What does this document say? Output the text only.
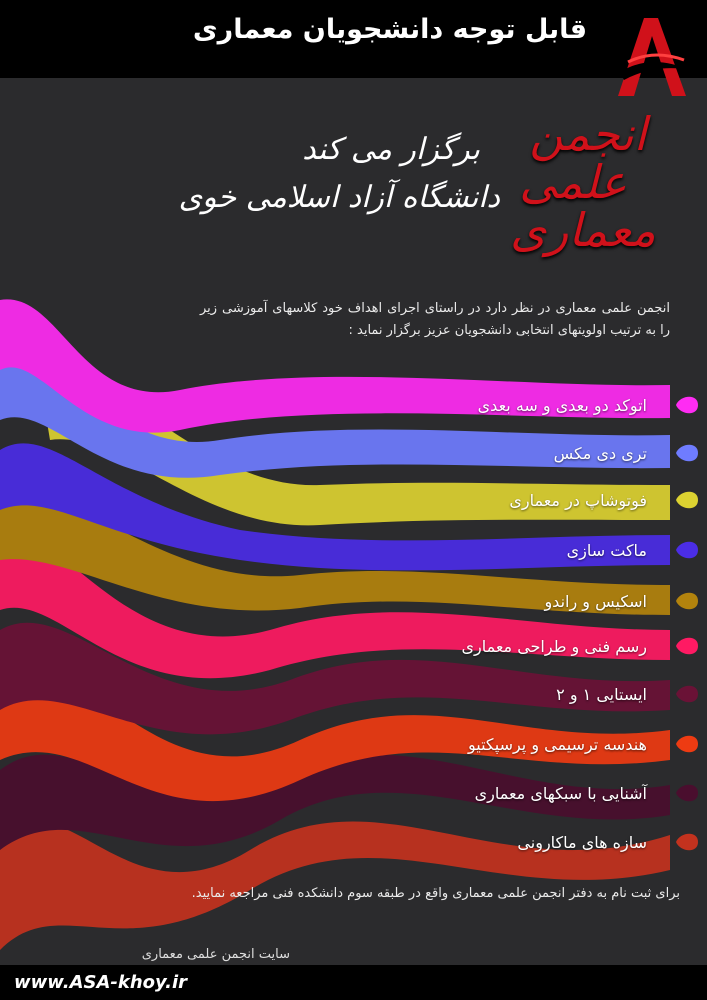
قابل توجه دانشجویان معماری
انجمن
علمی
معماری
برگزار می کند
دانشگاه آزاد اسلامی خوی
انجمن علمی معماری در نظر دارد در راستای اجرای اهداف خود کلاسهای آموزشی زیر را به ترتیب اولویتهای انتخابی دانشجویان عزیز برگزار نماید :
اتوکد دو بعدی و سه بعدی
تری دی مکس
فوتوشاپ در معماری
ماکت سازی
اسکیس و راندو
رسم فنی و طراحی معماری
ایستایی ۱ و ۲
هندسه ترسیمی و پرسپکتیو
آشنایی با سبکهای معماری
سازه های ماکارونی
برای ثبت نام به دفتر انجمن علمی معماری واقع در طبقه سوم دانشکده فنی مراجعه نمایید.
سایت انجمن علمی معماری
www.ASA-khoy.ir
